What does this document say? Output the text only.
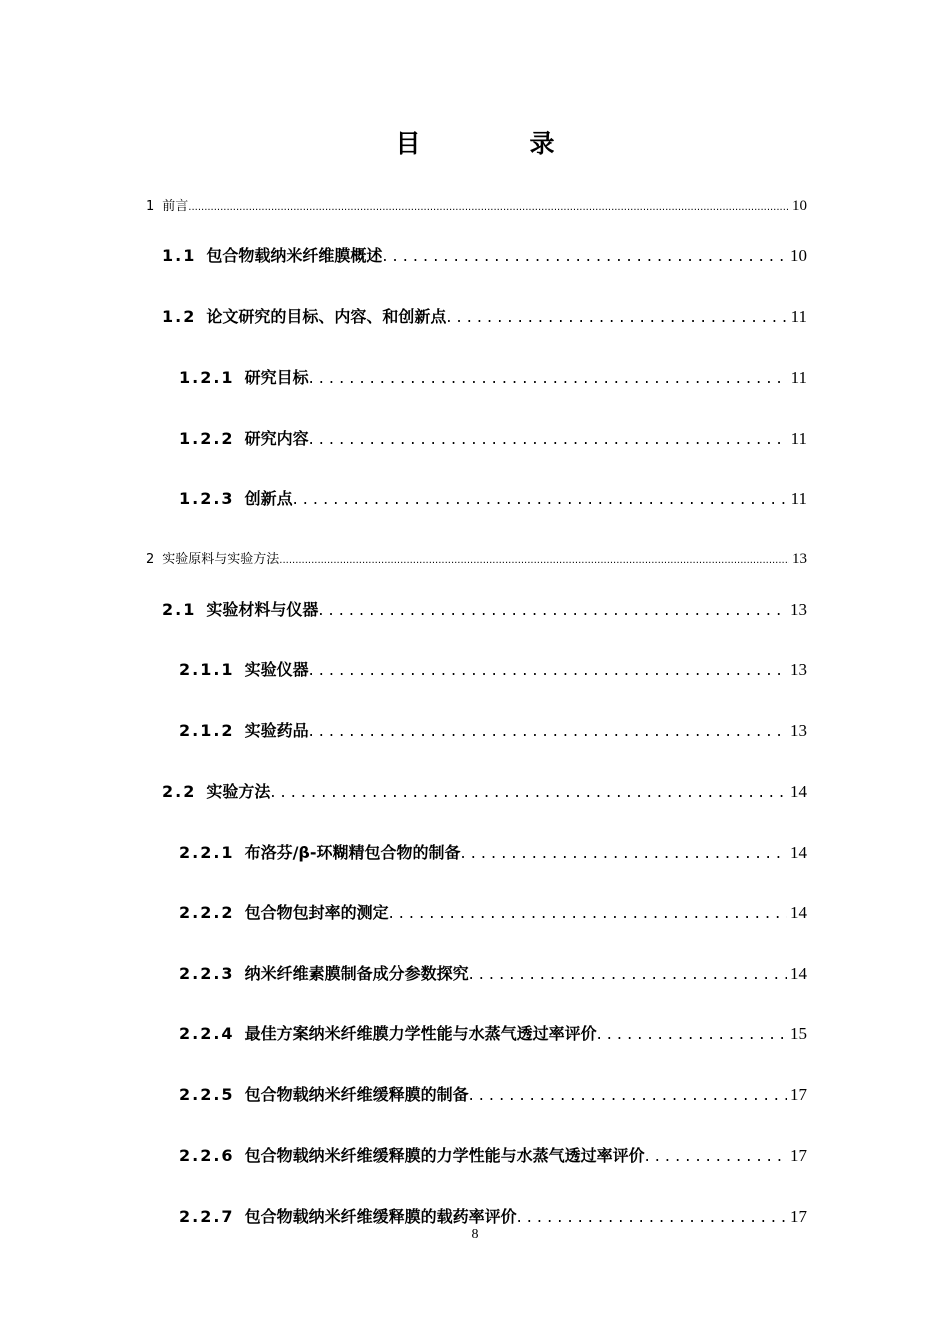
目　录
1 前言 .....	10
1.1 包合物载纳米纤维膜概述 . . .	10
1.2 论文研究的目标、内容、和创新点 . . .	11
1.2.1 研究目标 . . .	11
1.2.2 研究内容 . . .	11
1.2.3 创新点 . . .	11
2 实验原料与实验方法 .....	13
2.1 实验材料与仪器 . . .	13
2.1.1 实验仪器 . . .	13
2.1.2 实验药品 . . .	13
2.2 实验方法 . . .	14
2.2.1 布洛芬/β-环糊精包合物的制备 . . .	14
2.2.2 包合物包封率的测定 . . .	14
2.2.3 纳米纤维素膜制备成分参数探究 . . .	14
2.2.4 最佳方案纳米纤维膜力学性能与水蒸气透过率评价 . . .	15
2.2.5 包合物载纳米纤维缓释膜的制备 . . .	17
2.2.6 包合物载纳米纤维缓释膜的力学性能与水蒸气透过率评价 . . .	17
2.2.7 包合物载纳米纤维缓释膜的载药率评价 . . .	17
8
